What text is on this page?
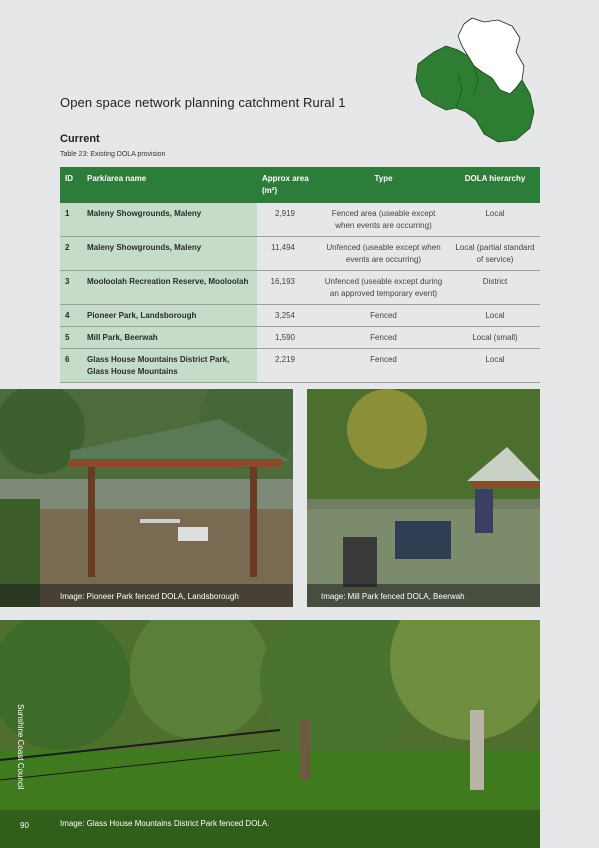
Open space network planning catchment Rural 1
Current
Table 23: Existing DOLA provision
ID	Park/area name	Approx area (m²)	Type	DOLA hierarchy
1	Maleny Showgrounds, Maleny	2,919	Fenced area (useable except when events are occurring)	Local
2	Maleny Showgrounds, Maleny	11,494	Unfenced (useable except when events are occurring)	Local (partial standard of service)
3	Mooloolah Recreation Reserve, Mooloolah	16,193	Unfenced (useable except during an approved temporary event)	District
4	Pioneer Park, Landsborough	3,254	Fenced	Local
5	Mill Park, Beerwah	1,590	Fenced	Local (small)
6	Glass House Mountains District Park, Glass House Mountains	2,219	Fenced	Local
Image: Pioneer Park fenced DOLA, Landsborough	Image: Mill Park fenced DOLA, Beerwah
Image: Glass House Mountains District Park fenced DOLA.
90
Sunshine Coast Council
